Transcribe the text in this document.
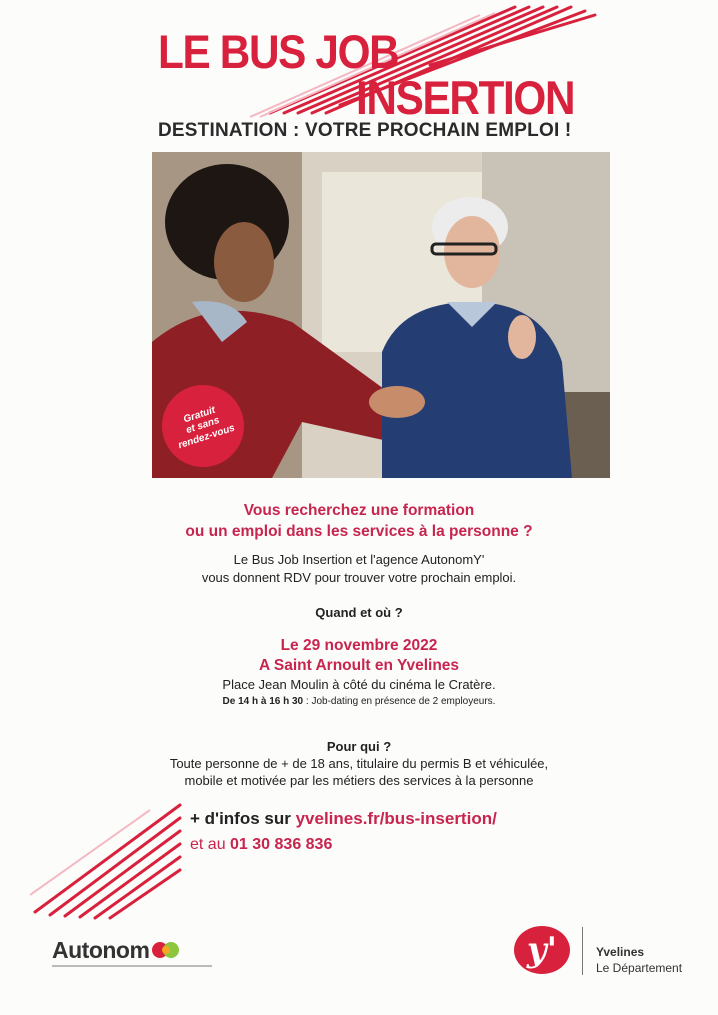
LE BUS JOB
INSERTION
DESTINATION : VOTRE PROCHAIN EMPLOI !
Gratuit
et sans
rendez-vous
Vous recherchez une formation
ou un emploi dans les services à la personne ?
Le Bus Job Insertion et l'agence AutonomY'
vous donnent RDV pour trouver votre prochain emploi.
Quand et où ?
Le 29 novembre 2022
A Saint Arnoult en Yvelines
Place Jean Moulin à côté du cinéma le Cratère.
De 14 h à 16 h 30 : Job-dating en présence de 2 employeurs.
Pour qui ?
Toute personne de + de 18 ans, titulaire du permis B et véhiculée,
mobile et motivée par les métiers des services à la personne
+ d'infos sur yvelines.fr/bus-insertion/
et au 01 30 836 836
Autonom	y'	Yvelines
Le Département
